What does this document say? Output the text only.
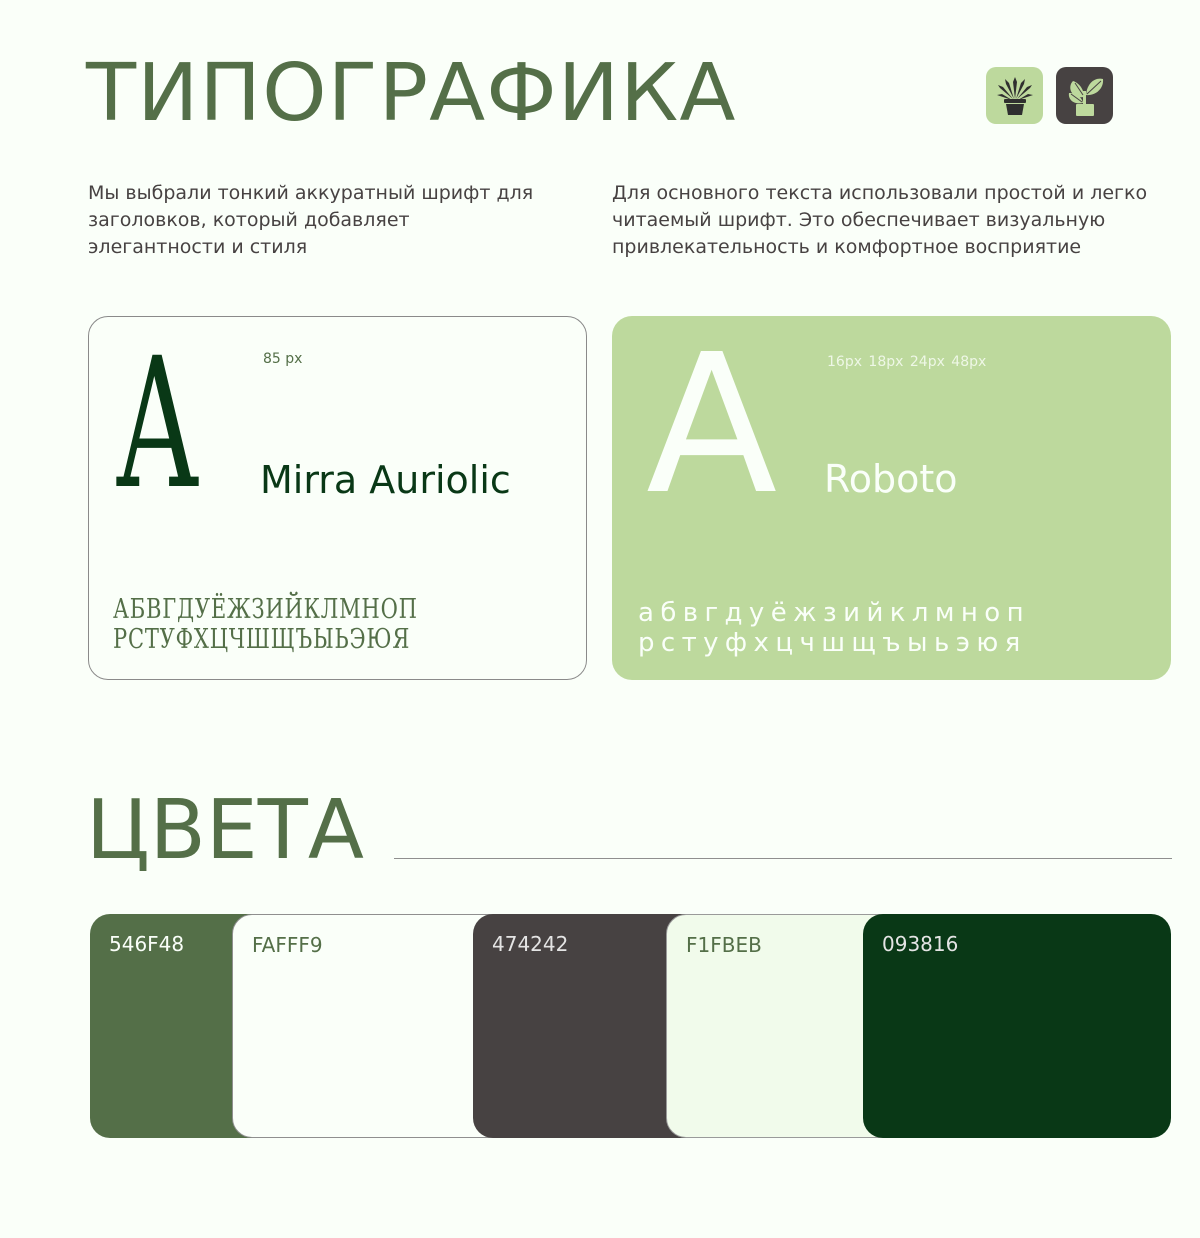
ТИПОГРАФИКА

Мы выбрали тонкий аккуратный шрифт для заголовков, который добавляет элегантности и стиля

Для основного текста использовали простой и легко читаемый шрифт. Это обеспечивает визуальную привлекательность и комфортное восприятие

A	85 px
Mirra Auriolic
АБВГДУЁЖЗИЙКЛМНОП
РСТУФХЦЧШЩЪЫЬЭЮЯ
A	16px 18px 24px 48px
Roboto
абвгдуёжзийклмноп
рстуфхцчшщъыьэюя
ЦВЕТА
546F48	FAFFF9	474242	F1FBEB	093816
